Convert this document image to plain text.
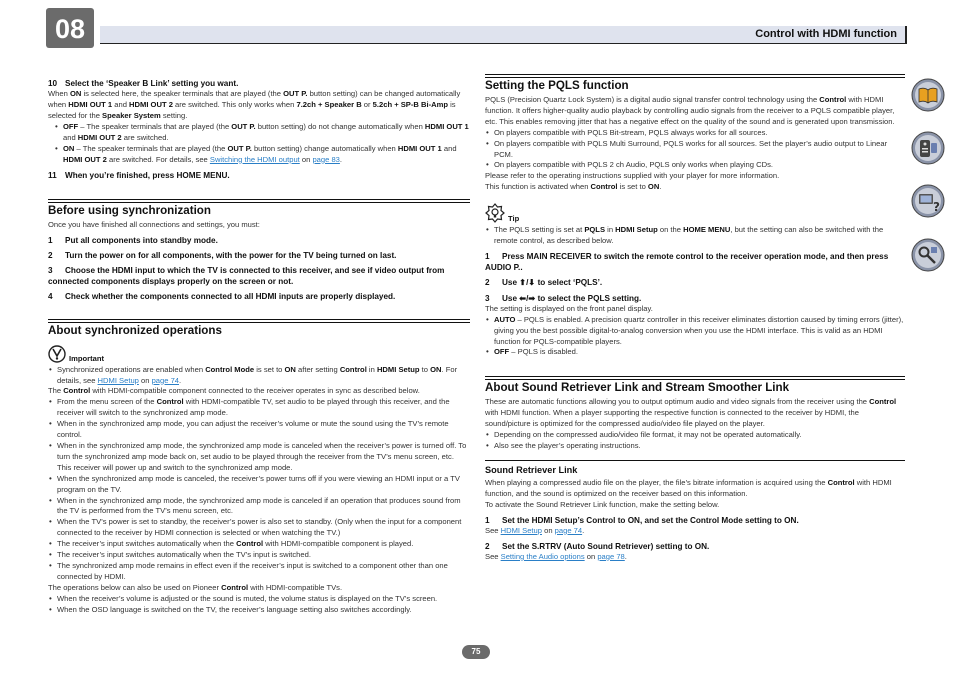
08	Control with HDMI function
10 Select the ‘Speaker B Link’ setting you want.

When ON is selected here, the speaker terminals that are played (the OUT P. button setting) can be changed automatically when HDMI OUT 1 and HDMI OUT 2 are switched. This only works when 7.2ch + Speaker B or 5.2ch + SP-B Bi-Amp is selected for the Speaker System setting.

• OFF – The speaker terminals that are played (the OUT P. button setting) do not change automatically when HDMI OUT 1 and HDMI OUT 2 are switched.
• ON – The speaker terminals that are played (the OUT P. button setting) change automatically when HDMI OUT 1 and HDMI OUT 2 are switched. For details, see Switching the HDMI output on page 83.
11 When you’re finished, press HOME MENU.
Before using synchronization

Once you have finished all connections and settings, you must:

1 Put all components into standby mode.
2 Turn the power on for all components, with the power for the TV being turned on last.
3 Choose the HDMI input to which the TV is connected to this receiver, and see if video output from connected components displays properly on the screen or not.
4 Check whether the components connected to all HDMI inputs are properly displayed.
About synchronized operations
Important
• Synchronized operations are enabled when Control Mode is set to ON after setting Control in HDMI Setup to ON. For details, see HDMI Setup on page 74.

The Control with HDMI-compatible component connected to the receiver operates in sync as described below.

• From the menu screen of the Control with HDMI-compatible TV, set audio to be played through this receiver, and the receiver will switch to the synchronized amp mode.
• When in the synchronized amp mode, you can adjust the receiver’s volume or mute the sound using the TV’s remote control.
• When in the synchronized amp mode, the synchronized amp mode is canceled when the receiver’s power is turned off. To turn the synchronized amp mode back on, set audio to be played through the receiver from the TV’s menu screen, etc. This receiver will power up and switch to the synchronized amp mode.
• When the synchronized amp mode is canceled, the receiver’s power turns off if you were viewing an HDMI input or a TV program on the TV.
• When in the synchronized amp mode, the synchronized amp mode is canceled if an operation that produces sound from the TV is performed from the TV’s menu screen, etc.
• When the TV’s power is set to standby, the receiver’s power is also set to standby. (Only when the input for a component connected to the receiver by HDMI connection is selected or when watching the TV.)
• The receiver’s input switches automatically when the Control with HDMI-compatible component is played.
• The receiver’s input switches automatically when the TV’s input is switched.
• The synchronized amp mode remains in effect even if the receiver’s input is switched to a component other than one connected by HDMI.

The operations below can also be used on Pioneer Control with HDMI-compatible TVs.

• When the receiver’s volume is adjusted or the sound is muted, the volume status is displayed on the TV’s screen.
• When the OSD language is switched on the TV, the receiver’s language setting also switches accordingly.
Setting the PQLS function

PQLS (Precision Quartz Lock System) is a digital audio signal transfer control technology using the Control with HDMI function. It offers higher-quality audio playback by controlling audio signals from the receiver to a PQLS compatible player, etc. This enables removing jitter that has a negative effect on the quality of the sound and is generated upon transmission.

• On players compatible with PQLS Bit-stream, PQLS always works for all sources.
• On players compatible with PQLS Multi Surround, PQLS works for all sources. Set the player’s audio output to Linear PCM.
• On players compatible with PQLS 2 ch Audio, PQLS only works when playing CDs.

Please refer to the operating instructions supplied with your player for more information.

This function is activated when Control is set to ON.

Tip
• The PQLS setting is set at PQLS in HDMI Setup on the HOME MENU, but the setting can also be switched with the remote control, as described below.
1 Press MAIN RECEIVER to switch the remote control to the receiver operation mode, and then press AUDIO P..
2 Use ⬆/⬇ to select ‘PQLS’.
3 Use ⬅/➡ to select the PQLS setting.

The setting is displayed on the front panel display.

• AUTO – PQLS is enabled. A precision quartz controller in this receiver eliminates distortion caused by timing errors (jitter), giving you the best possible digital-to-analog conversion when you use the HDMI interface. This is valid as an HDMI function for PQLS-compatible players.
• OFF – PQLS is disabled.
About Sound Retriever Link and Stream Smoother Link

These are automatic functions allowing you to output optimum audio and video signals from the receiver using the Control with HDMI function. When a player supporting the respective function is connected to the receiver by HDMI, the sound/picture is optimized for the compressed audio/video file played on the player.

• Depending on the compressed audio/video file format, it may not be operated automatically.
• Also see the player’s operating instructions.
Sound Retriever Link

When playing a compressed audio file on the player, the file’s bitrate information is acquired using the Control with HDMI function, and the sound is optimized on the receiver based on this information.

To activate the Sound Retriever Link function, make the setting below.

1 Set the HDMI Setup’s Control to ON, and set the Control Mode setting to ON.

See HDMI Setup on page 74.

2 Set the S.RTRV (Auto Sound Retriever) setting to ON.

See Setting the Audio options on page 78.

?
75
